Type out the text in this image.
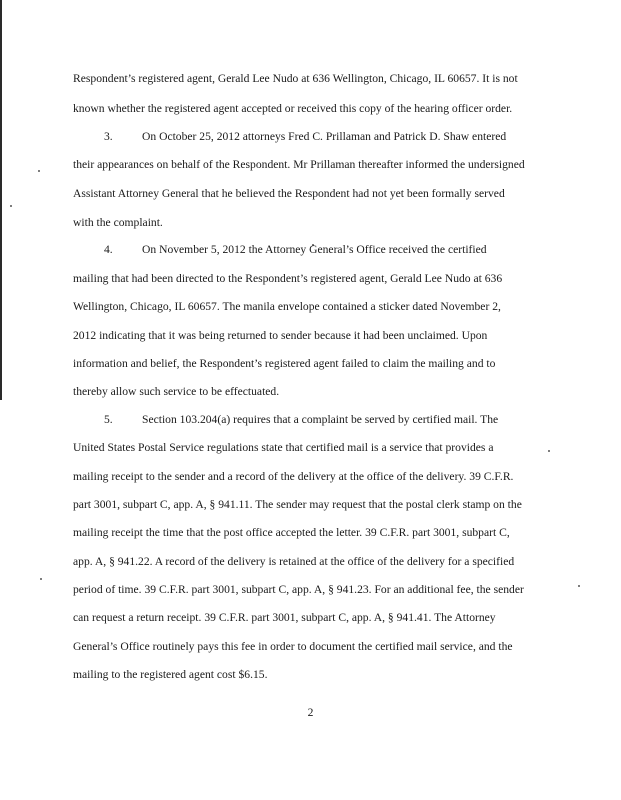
Respondent’s registered agent, Gerald Lee Nudo at 636 Wellington, Chicago, IL 60657. It is not
known whether the registered agent accepted or received this copy of the hearing officer order.
3.	On October 25, 2012 attorneys Fred C. Prillaman and Patrick D. Shaw entered
their appearances on behalf of the Respondent. Mr Prillaman thereafter informed the undersigned
Assistant Attorney General that he believed the Respondent had not yet been formally served
with the complaint.
4.	On November 5, 2012 the Attorney General’s Office received the certified
mailing that had been directed to the Respondent’s registered agent, Gerald Lee Nudo at 636
Wellington, Chicago, IL 60657. The manila envelope contained a sticker dated November 2,
2012 indicating that it was being returned to sender because it had been unclaimed. Upon
information and belief, the Respondent’s registered agent failed to claim the mailing and to
thereby allow such service to be effectuated.
5.	Section 103.204(a) requires that a complaint be served by certified mail. The
United States Postal Service regulations state that certified mail is a service that provides a
mailing receipt to the sender and a record of the delivery at the office of the delivery. 39 C.F.R.
part 3001, subpart C, app. A, § 941.11. The sender may request that the postal clerk stamp on the
mailing receipt the time that the post office accepted the letter. 39 C.F.R. part 3001, subpart C,
app. A, § 941.22. A record of the delivery is retained at the office of the delivery for a specified
period of time. 39 C.F.R. part 3001, subpart C, app. A, § 941.23. For an additional fee, the sender
can request a return receipt. 39 C.F.R. part 3001, subpart C, app. A, § 941.41. The Attorney
General’s Office routinely pays this fee in order to document the certified mail service, and the
mailing to the registered agent cost $6.15.
2
